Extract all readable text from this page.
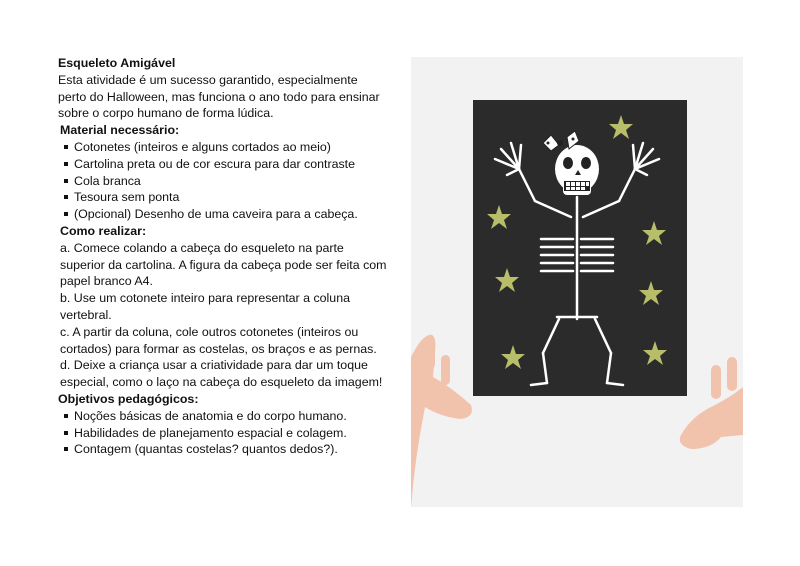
Esqueleto Amigável

Esta atividade é um sucesso garantido, especialmente perto do Halloween, mas funciona o ano todo para ensinar sobre o corpo humano de forma lúdica.

Material necessário:

Cotonetes (inteiros e alguns cortados ao meio)
Cartolina preta ou de cor escura para dar contraste
Cola branca
Tesoura sem ponta
(Opcional) Desenho de uma caveira para a cabeça.

Como realizar:

a. Comece colando a cabeça do esqueleto na parte superior da cartolina. A figura da cabeça pode ser feita com papel branco A4.

b. Use um cotonete inteiro para representar a coluna vertebral.

c. A partir da coluna, cole outros cotonetes (inteiros ou cortados) para formar as costelas, os braços e as pernas.

d. Deixe a criança usar a criatividade para dar um toque especial, como o laço na cabeça do esqueleto da imagem!

Objetivos pedagógicos:

Noções básicas de anatomia e do corpo humano.
Habilidades de planejamento espacial e colagem.
Contagem (quantas costelas? quantos dedos?).
